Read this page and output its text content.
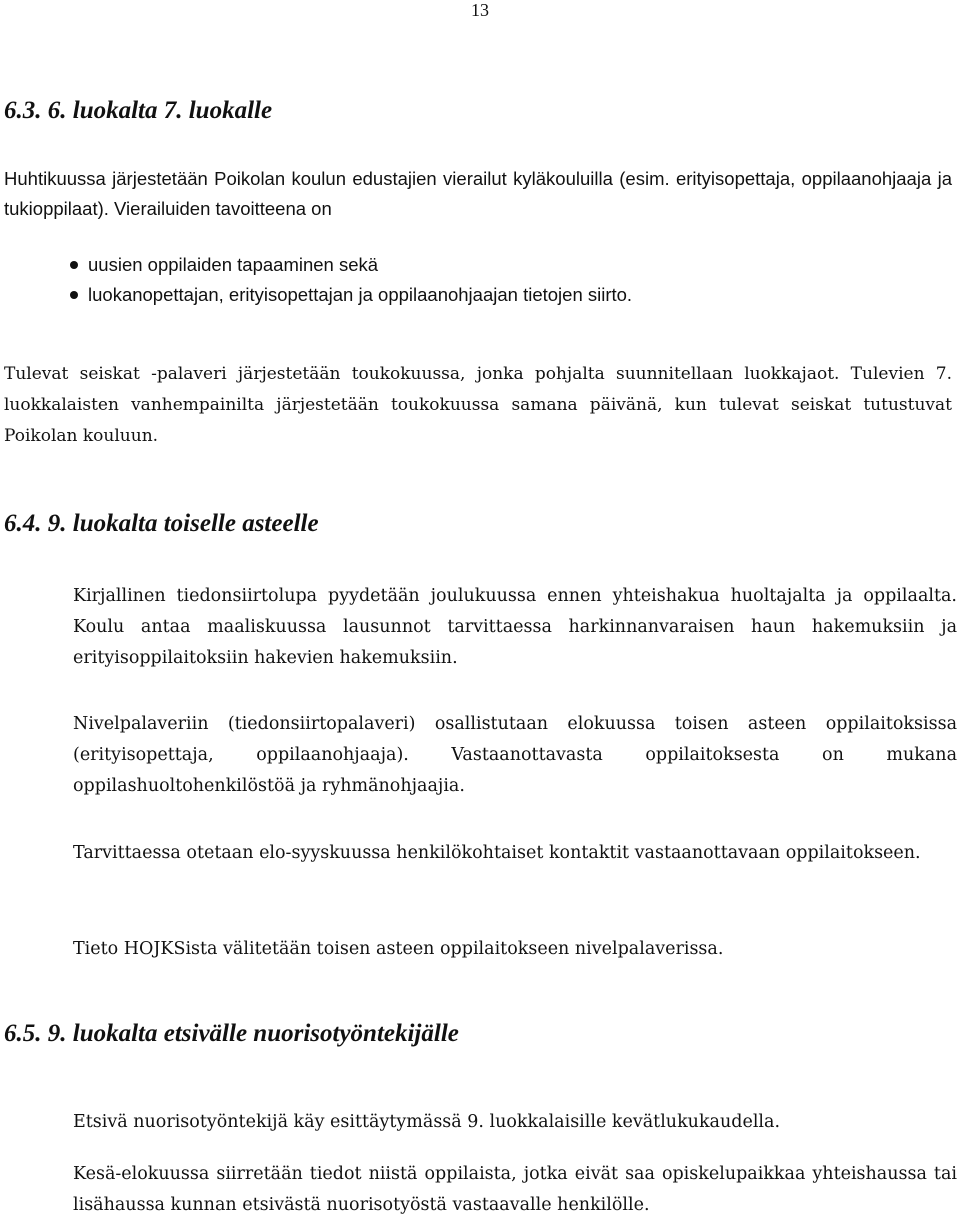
13
6.3. 6. luokalta 7. luokalle

Huhtikuussa järjestetään Poikolan koulun edustajien vierailut kyläkouluilla (esim. erityisopettaja, oppilaanohjaaja ja tukioppilaat). Vierailuiden tavoitteena on

uusien oppilaiden tapaaminen sekä
luokanopettajan, erityisopettajan ja oppilaanohjaajan tietojen siirto.

Tulevat seiskat -palaveri järjestetään toukokuussa, jonka pohjalta suunnitellaan luokkajaot. Tulevien 7. luokkalaisten vanhempainilta järjestetään toukokuussa samana päivänä, kun tulevat seiskat tutustuvat Poikolan kouluun.

6.4. 9. luokalta toiselle asteelle

Kirjallinen tiedonsiirtolupa pyydetään joulukuussa ennen yhteishakua huoltajalta ja oppilaalta. Koulu antaa maaliskuussa lausunnot tarvittaessa harkinnanvaraisen haun hakemuksiin ja erityisoppilaitoksiin hakevien hakemuksiin.

Nivelpalaveriin (tiedonsiirtopalaveri) osallistutaan elokuussa toisen asteen oppilaitoksissa (erityisopettaja, oppilaanohjaaja). Vastaanottavasta oppilaitoksesta on mukana oppilashuoltohenkilöstöä ja ryhmänohjaajia.

Tarvittaessa otetaan elo-syyskuussa henkilökohtaiset kontaktit vastaanottavaan oppilaitokseen.

Tieto HOJKSista välitetään toisen asteen oppilaitokseen nivelpalaverissa.

6.5. 9. luokalta etsivälle nuorisotyöntekijälle

Etsivä nuorisotyöntekijä käy esittäytymässä 9. luokkalaisille kevätlukukaudella.

Kesä-elokuussa siirretään tiedot niistä oppilaista, jotka eivät saa opiskelupaikkaa yhteishaussa tai lisähaussa kunnan etsivästä nuorisotyöstä vastaavalle henkilölle.
